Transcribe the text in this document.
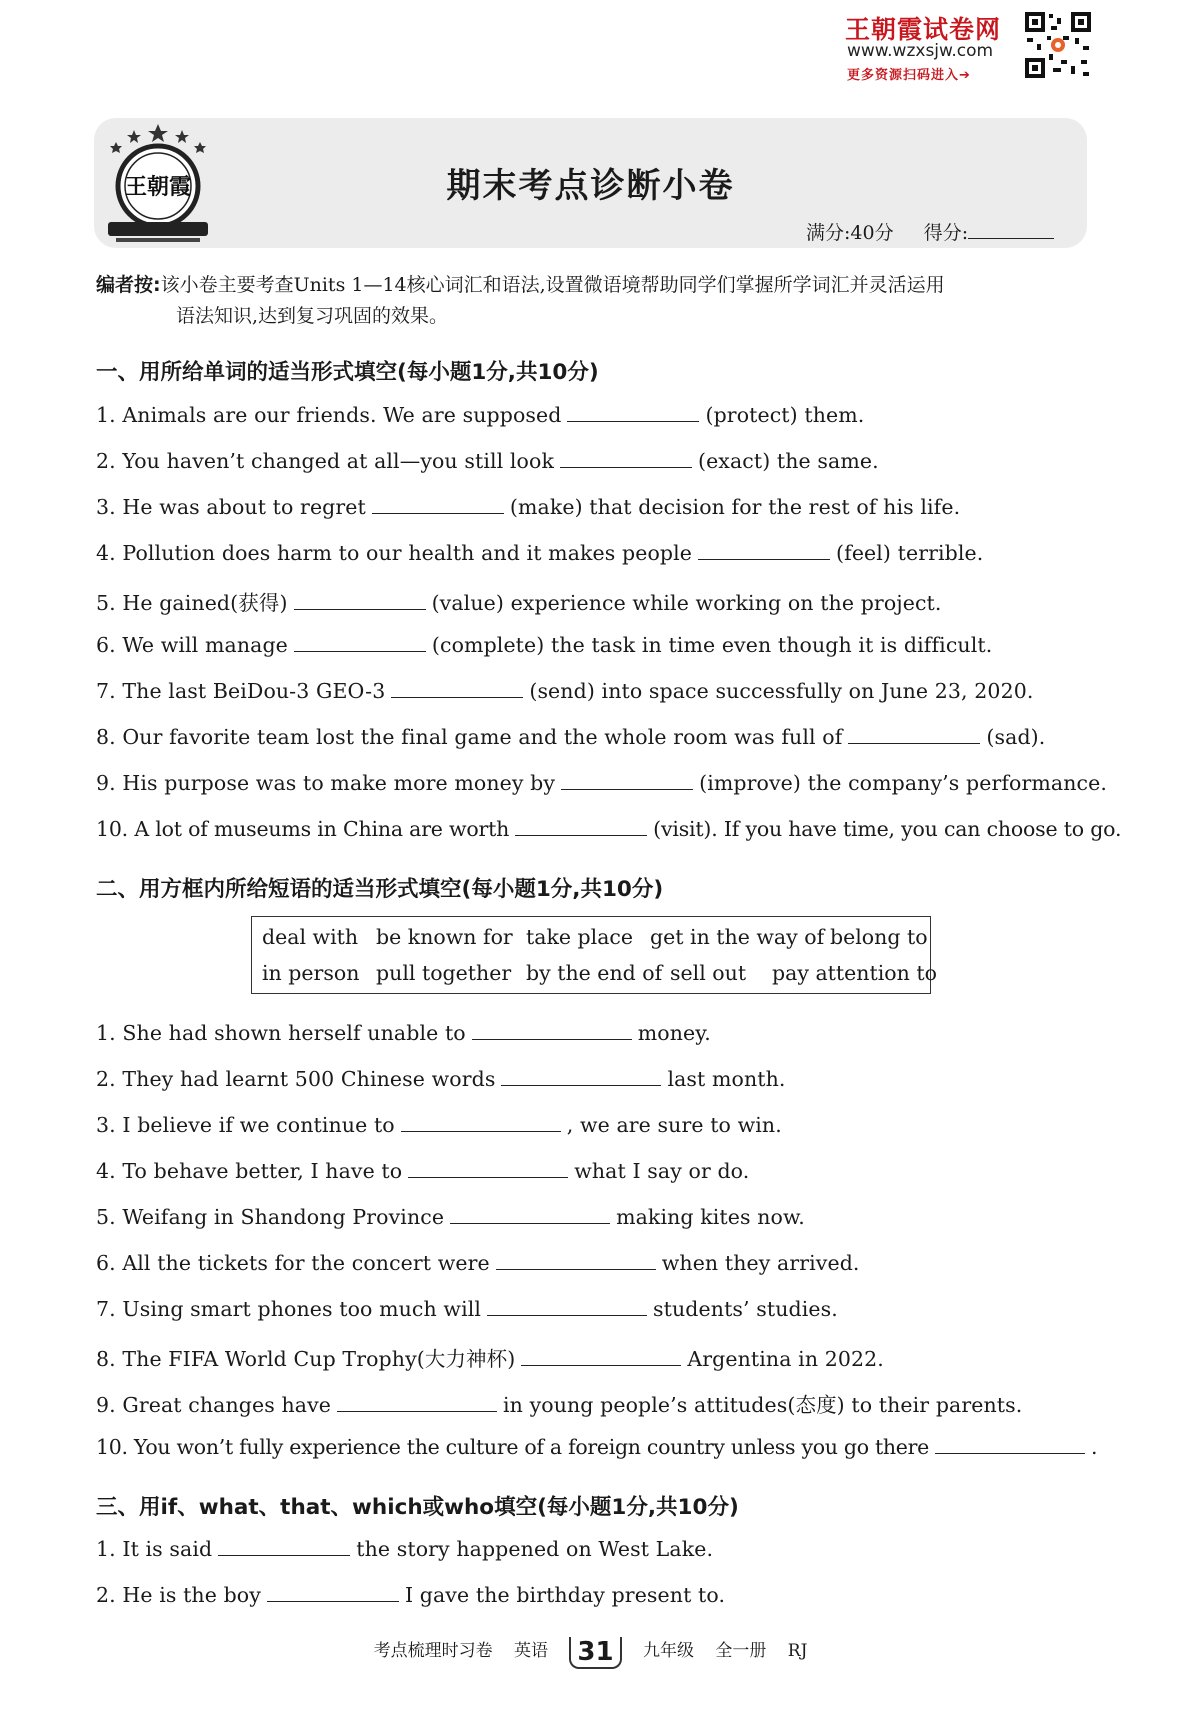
王朝霞试卷网
www.wzxsjw.com
更多资源扫码进入➔
王朝霞	期末考点诊断小卷
满分:40分 得分:
编者按:该小卷主要考查Units 1—14核心词汇和语法,设置微语境帮助同学们掌握所学词汇并灵活运用
语法知识,达到复习巩固的效果。
一、用所给单词的适当形式填空(每小题1分,共10分)
1. Animals are our friends. We are supposed	(protect) them.
2. You haven’t changed at all—you still look	(exact) the same.
3. He was about to regret	(make) that decision for the rest of his life.
4. Pollution does harm to our health and it makes people	(feel) terrible.
5. He gained(获得)	(value) experience while working on the project.
6. We will manage	(complete) the task in time even though it is difficult.
7. The last BeiDou-3 GEO-3	(send) into space successfully on June 23, 2020.
8. Our favorite team lost the final game and the whole room was full of	(sad).
9. His purpose was to make more money by	(improve) the company’s performance.
10. A lot of museums in China are worth	(visit). If you have time, you can choose to go.
二、用方框内所给短语的适当形式填空(每小题1分,共10分)
deal with be known for take place get in the way of belong to
in person pull together by the end of sell out pay attention to
1. She had shown herself unable to	money.
2. They had learnt 500 Chinese words	last month.
3. I believe if we continue to	, we are sure to win.
4. To behave better, I have to	what I say or do.
5. Weifang in Shandong Province	making kites now.
6. All the tickets for the concert were	when they arrived.
7. Using smart phones too much will	students’ studies.
8. The FIFA World Cup Trophy(大力神杯)	Argentina in 2022.
9. Great changes have	in young people’s attitudes(态度) to their parents.
10. You won’t fully experience the culture of a foreign country unless you go there	.
三、用if、what、that、which或who填空(每小题1分,共10分)
1. It is said	the story happened on West Lake.
2. He is the boy	I gave the birthday present to.
考点梳理时习卷 英语 31 九年级 全一册 RJ
